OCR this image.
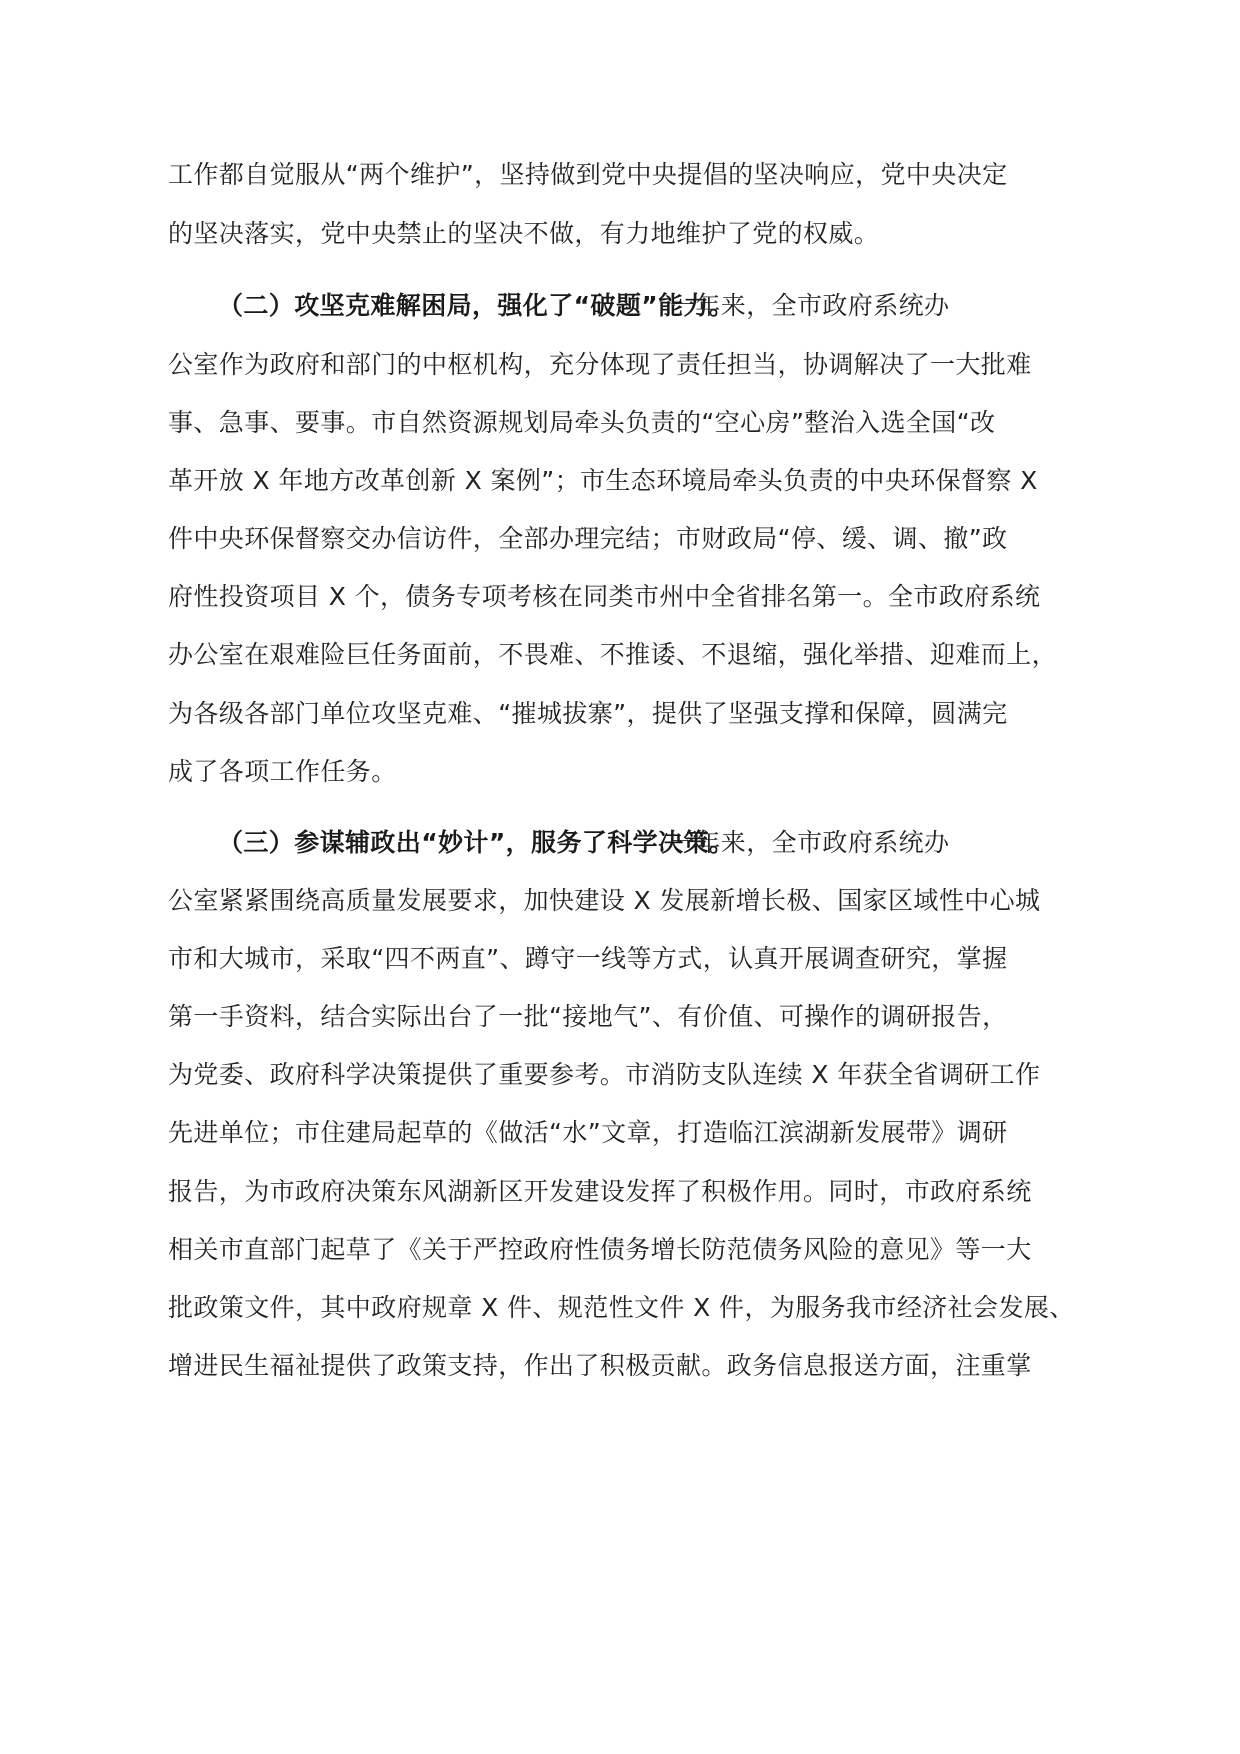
工作都自觉服从“两个维护”，坚持做到党中央提倡的坚决响应，党中央决定

的坚决落实，党中央禁止的坚决不做，有力地维护了党的权威。

（二）攻坚克难解困局，强化了“破题”能力。

一年来，全市政府系统办

公室作为政府和部门的中枢机构，充分体现了责任担当，协调解决了一大批难

事、急事、要事。市自然资源规划局牵头负责的“空心房”整治入选全国“改

革开放 X 年地方改革创新 X 案例”；市生态环境局牵头负责的中央环保督察 X

件中央环保督察交办信访件，全部办理完结；市财政局“停、缓、调、撤”政

府性投资项目 X 个，债务专项考核在同类市州中全省排名第一。全市政府系统

办公室在艰难险巨任务面前，不畏难、不推诿、不退缩，强化举措、迎难而上，

为各级各部门单位攻坚克难、“摧城拔寨”，提供了坚强支撑和保障，圆满完

成了各项工作任务。

（三）参谋辅政出“妙计”，服务了科学决策。

一年来，全市政府系统办

公室紧紧围绕高质量发展要求，加快建设 X 发展新增长极、国家区域性中心城

市和大城市，采取“四不两直”、蹲守一线等方式，认真开展调查研究，掌握

第一手资料，结合实际出台了一批“接地气”、有价值、可操作的调研报告，

为党委、政府科学决策提供了重要参考。市消防支队连续 X 年获全省调研工作

先进单位；市住建局起草的《做活“水”文章，打造临江滨湖新发展带》调研

报告，为市政府决策东风湖新区开发建设发挥了积极作用。同时，市政府系统

相关市直部门起草了《关于严控政府性债务增长防范债务风险的意见》等一大

批政策文件，其中政府规章 X 件、规范性文件 X 件，为服务我市经济社会发展、

增进民生福祉提供了政策支持，作出了积极贡献。政务信息报送方面，注重掌
